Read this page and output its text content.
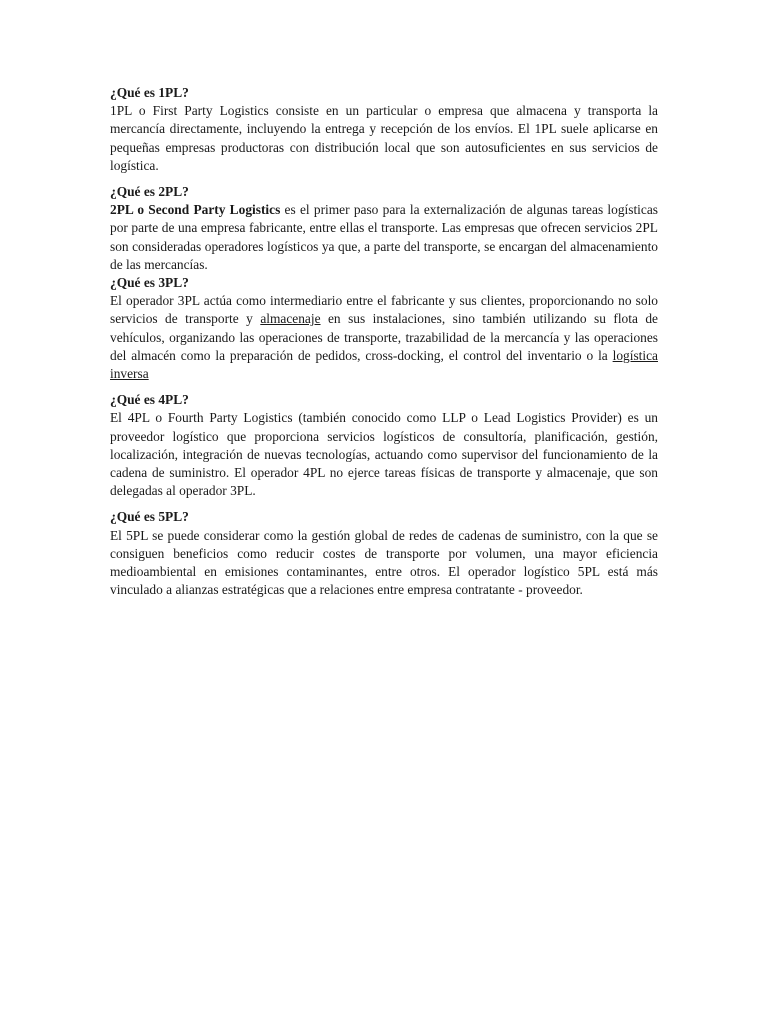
¿Qué es 1PL?

1PL o First Party Logistics consiste en un particular o empresa que almacena y transporta la mercancía directamente, incluyendo la entrega y recepción de los envíos. El 1PL suele aplicarse en pequeñas empresas productoras con distribución local que son autosuficientes en sus servicios de logística.

¿Qué es 2PL?

2PL o Second Party Logistics es el primer paso para la externalización de algunas tareas logísticas por parte de una empresa fabricante, entre ellas el transporte. Las empresas que ofrecen servicios 2PL son consideradas operadores logísticos ya que, a parte del transporte, se encargan del almacenamiento de las mercancías.

¿Qué es 3PL?

El operador 3PL actúa como intermediario entre el fabricante y sus clientes, proporcionando no solo servicios de transporte y almacenaje en sus instalaciones, sino también utilizando su flota de vehículos, organizando las operaciones de transporte, trazabilidad de la mercancía y las operaciones del almacén como la preparación de pedidos, cross-docking, el control del inventario o la logística inversa

¿Qué es 4PL?

El 4PL o Fourth Party Logistics (también conocido como LLP o Lead Logistics Provider) es un proveedor logístico que proporciona servicios logísticos de consultoría, planificación, gestión, localización, integración de nuevas tecnologías, actuando como supervisor del funcionamiento de la cadena de suministro. El operador 4PL no ejerce tareas físicas de transporte y almacenaje, que son delegadas al operador 3PL.

¿Qué es 5PL?

El 5PL se puede considerar como la gestión global de redes de cadenas de suministro, con la que se consiguen beneficios como reducir costes de transporte por volumen, una mayor eficiencia medioambiental en emisiones contaminantes, entre otros. El operador logístico 5PL está más vinculado a alianzas estratégicas que a relaciones entre empresa contratante - proveedor.
